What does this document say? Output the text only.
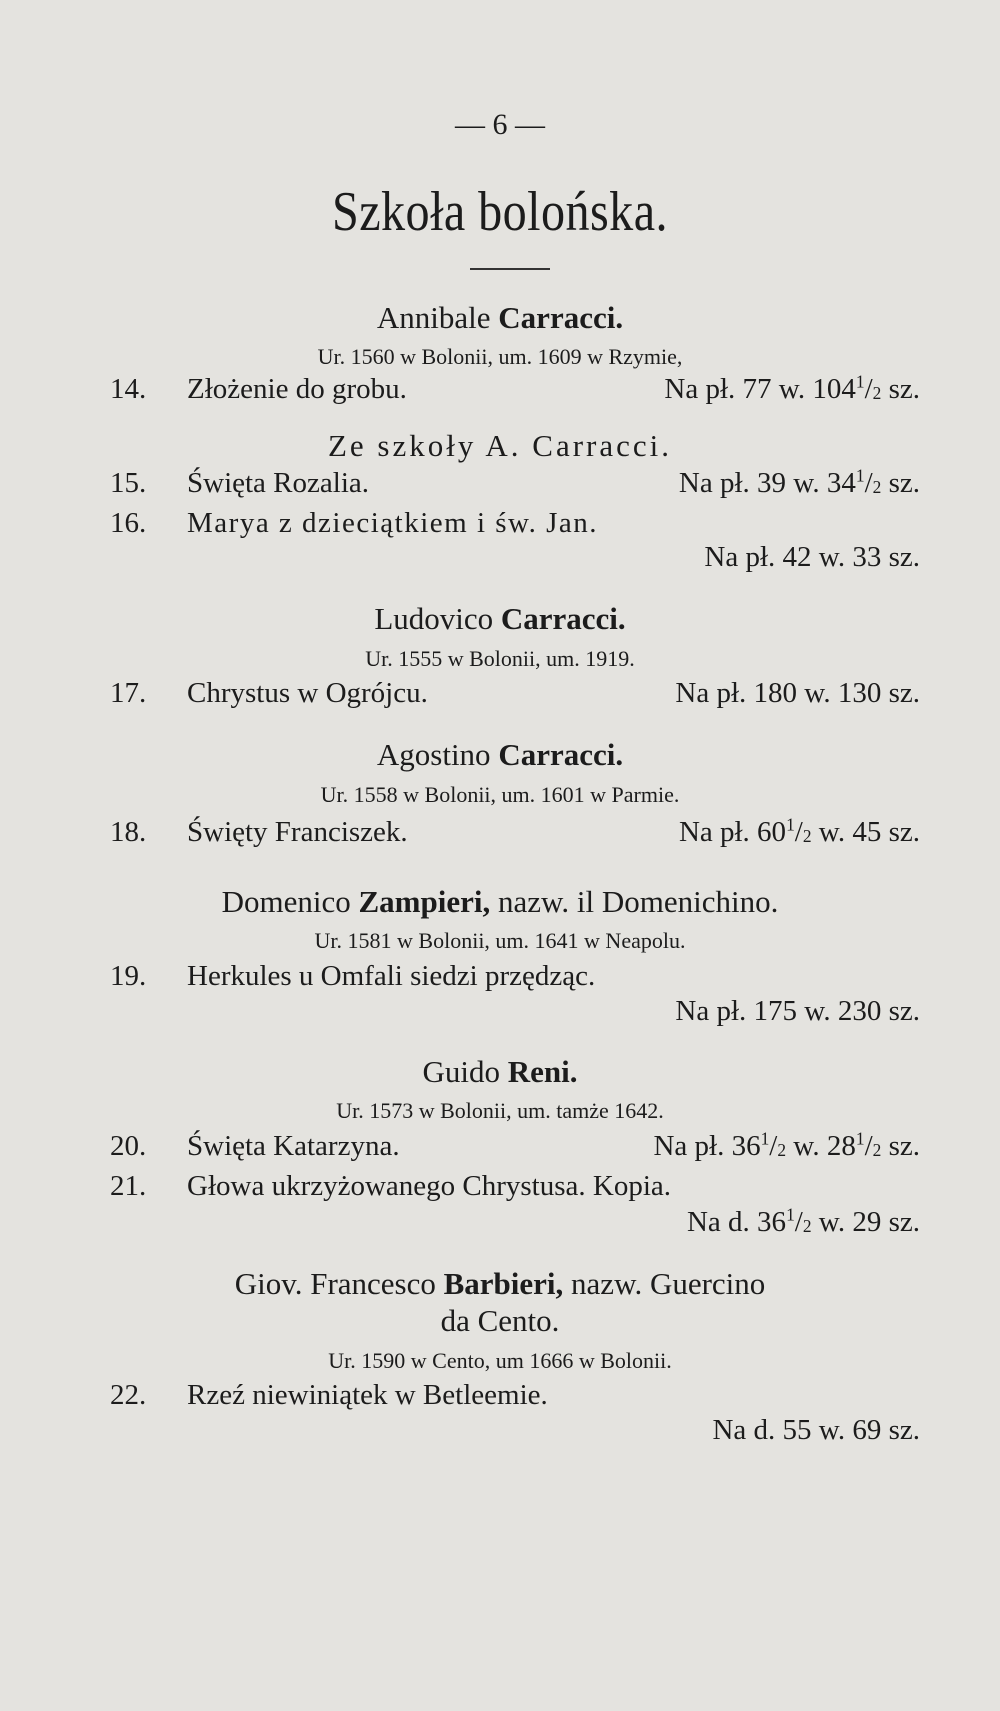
— 6 —
Szkoła bolońska.
Annibale Carracci.
Ur. 1560 w Bolonii, um. 1609 w Rzymie,
14. Złożenie do grobu.	Na pł. 77 w. $104^1/_2$ sz.
Ze szkoły A. Carracci.
15. Święta Rozalia.	Na pł. 39 w. $34^1/_2$ sz.
16. Marya z dzieciątkiem i św. Jan.
Na pł. 42 w. 33 sz.
Ludovico Carracci.
Ur. 1555 w Bolonii, um. 1919.
17. Chrystus w Ogrójcu.	Na pł. 180 w. 130 sz.
Agostino Carracci.
Ur. 1558 w Bolonii, um. 1601 w Parmie.
18. Święty Franciszek.	Na pł. $60^1/_2$ w. 45 sz.
Domenico Zampieri, nazw. il Domenichino.
Ur. 1581 w Bolonii, um. 1641 w Neapolu.
19. Herkules u Omfali siedzi przędząc.
Na pł. 175 w. 230 sz.
Guido Reni.
Ur. 1573 w Bolonii, um. tamże 1642.
20. Święta Katarzyna.	Na pł. $36^1/_2$ w. $28^1/_2$ sz.
21. Głowa ukrzyżowanego Chrystusa. Kopia.
Na d. $36^1/_2$ w. 29 sz.
Giov. Francesco Barbieri, nazw. Guercino
da Cento.
Ur. 1590 w Cento, um 1666 w Bolonii.
22. Rzeź niewiniątek w Betleemie.
Na d. 55 w. 69 sz.
